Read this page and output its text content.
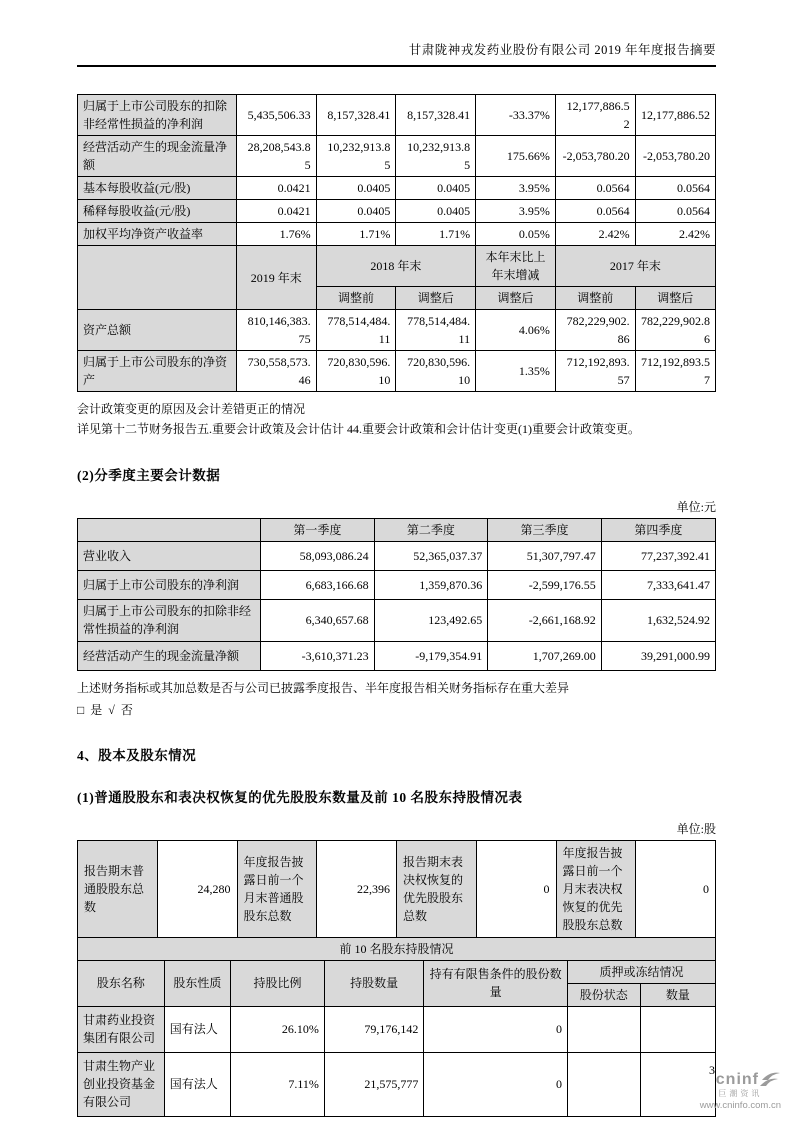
甘肃陇神戎发药业股份有限公司 2019 年年度报告摘要
归属于上市公司股东的扣除非经常性损益的净利润	5,435,506.33	8,157,328.41	8,157,328.41	-33.37%	12,177,886.52	12,177,886.52
经营活动产生的现金流量净额	28,208,543.85	10,232,913.85	10,232,913.85	175.66%	-2,053,780.20	-2,053,780.20
基本每股收益(元/股)	0.0421	0.0405	0.0405	3.95%	0.0564	0.0564
稀释每股收益(元/股)	0.0421	0.0405	0.0405	3.95%	0.0564	0.0564
加权平均净资产收益率	1.76%	1.71%	1.71%	0.05%	2.42%	2.42%
	2019 年末	2018 年末		本年末比上年末增减	2017 年末	
		调整前	调整后	调整后	调整前	调整后
资产总额	810,146,383.75	778,514,484.11	778,514,484.11	4.06%	782,229,902.86	782,229,902.86
归属于上市公司股东的净资产	730,558,573.46	720,830,596.10	720,830,596.10	1.35%	712,192,893.57	712,192,893.57
会计政策变更的原因及会计差错更正的情况
详见第十二节财务报告五.重要会计政策及会计估计 44.重要会计政策和会计估计变更(1)重要会计政策变更。
(2)分季度主要会计数据
单位:元
	第一季度	第二季度	第三季度	第四季度
营业收入	58,093,086.24	52,365,037.37	51,307,797.47	77,237,392.41
归属于上市公司股东的净利润	6,683,166.68	1,359,870.36	-2,599,176.55	7,333,641.47
归属于上市公司股东的扣除非经常性损益的净利润	6,340,657.68	123,492.65	-2,661,168.92	1,632,524.92
经营活动产生的现金流量净额	-3,610,371.23	-9,179,354.91	1,707,269.00	39,291,000.99
上述财务指标或其加总数是否与公司已披露季度报告、半年度报告相关财务指标存在重大差异
□ 是 √ 否
4、股本及股东情况
(1)普通股股东和表决权恢复的优先股股东数量及前 10 名股东持股情况表
单位:股
报告期末普通股股东总数	24,280	年度报告披露日前一个月末普通股股东总数	22,396	报告期末表决权恢复的优先股股东总数	0	年度报告披露日前一个月末表决权恢复的优先股股东总数	0
前 10 名股东持股情况						
股东名称	股东性质	持股比例	持股数量	持有有限售条件的股份数量	质押或冻结情况	
					股份状态	数量
甘肃药业投资集团有限公司	国有法人	26.10%	79,176,142	0		
甘肃生物产业创业投资基金有限公司	国有法人	7.11%	21,575,777	0		
3
cninf
巨潮资讯
www.cninfo.com.cn
